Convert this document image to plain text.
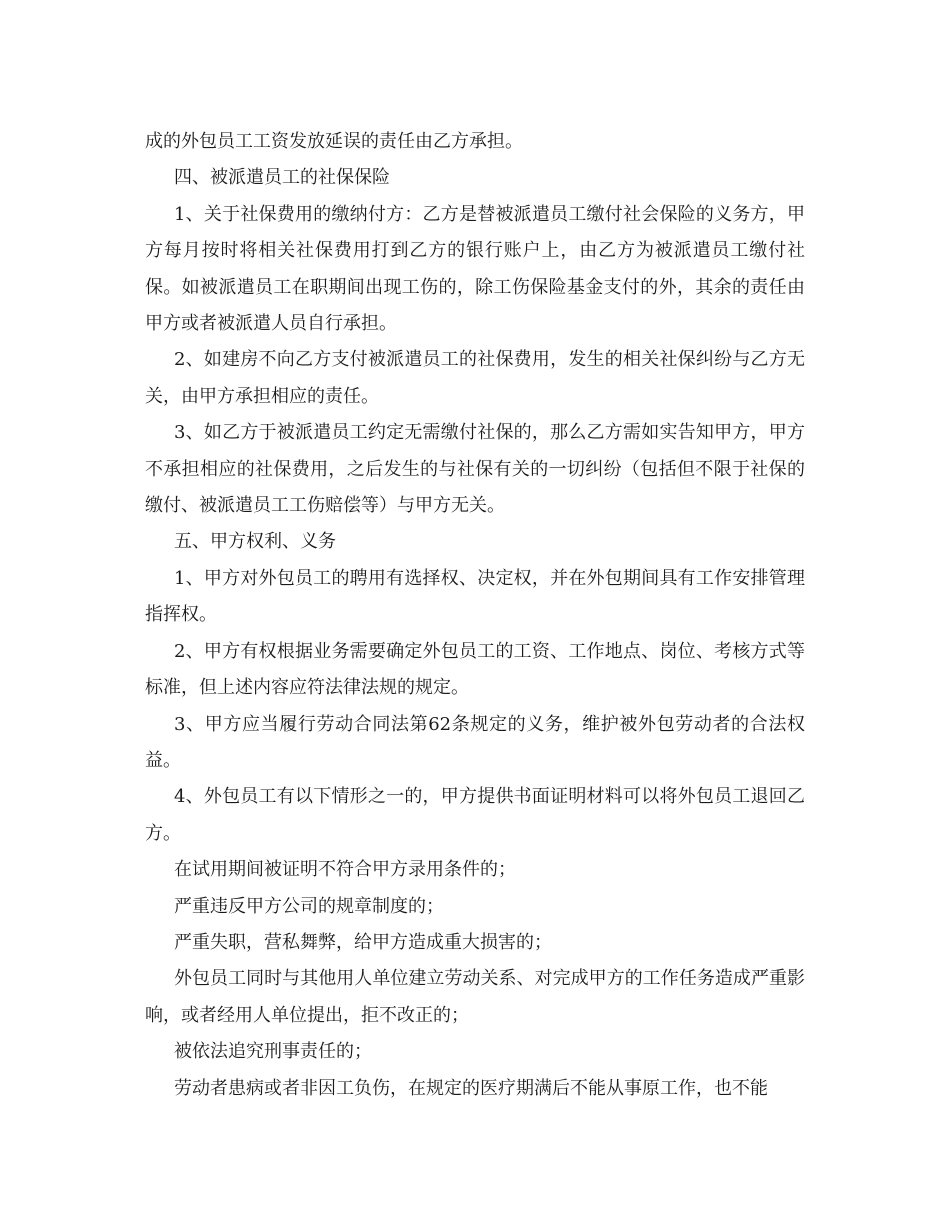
成的外包员工工资发放延误的责任由乙方承担。

四、被派遣员工的社保保险

1、关于社保费用的缴纳付方：乙方是替被派遣员工缴付社会保险的义务方，甲方每月按时将相关社保费用打到乙方的银行账户上，由乙方为被派遣员工缴付社保。如被派遣员工在职期间出现工伤的，除工伤保险基金支付的外，其余的责任由甲方或者被派遣人员自行承担。

2、如建房不向乙方支付被派遣员工的社保费用，发生的相关社保纠纷与乙方无关，由甲方承担相应的责任。

3、如乙方于被派遣员工约定无需缴付社保的，那么乙方需如实告知甲方，甲方不承担相应的社保费用，之后发生的与社保有关的一切纠纷（包括但不限于社保的缴付、被派遣员工工伤赔偿等）与甲方无关。

五、甲方权利、义务

1、甲方对外包员工的聘用有选择权、决定权，并在外包期间具有工作安排管理指挥权。

2、甲方有权根据业务需要确定外包员工的工资、工作地点、岗位、考核方式等标准，但上述内容应符法律法规的规定。

3、甲方应当履行劳动合同法第62条规定的义务，维护被外包劳动者的合法权益。

4、外包员工有以下情形之一的，甲方提供书面证明材料可以将外包员工退回乙方。

在试用期间被证明不符合甲方录用条件的；

严重违反甲方公司的规章制度的；

严重失职，营私舞弊，给甲方造成重大损害的；

外包员工同时与其他用人单位建立劳动关系、对完成甲方的工作任务造成严重影响，或者经用人单位提出，拒不改正的；

被依法追究刑事责任的；

劳动者患病或者非因工负伤，在规定的医疗期满后不能从事原工作，也不能
